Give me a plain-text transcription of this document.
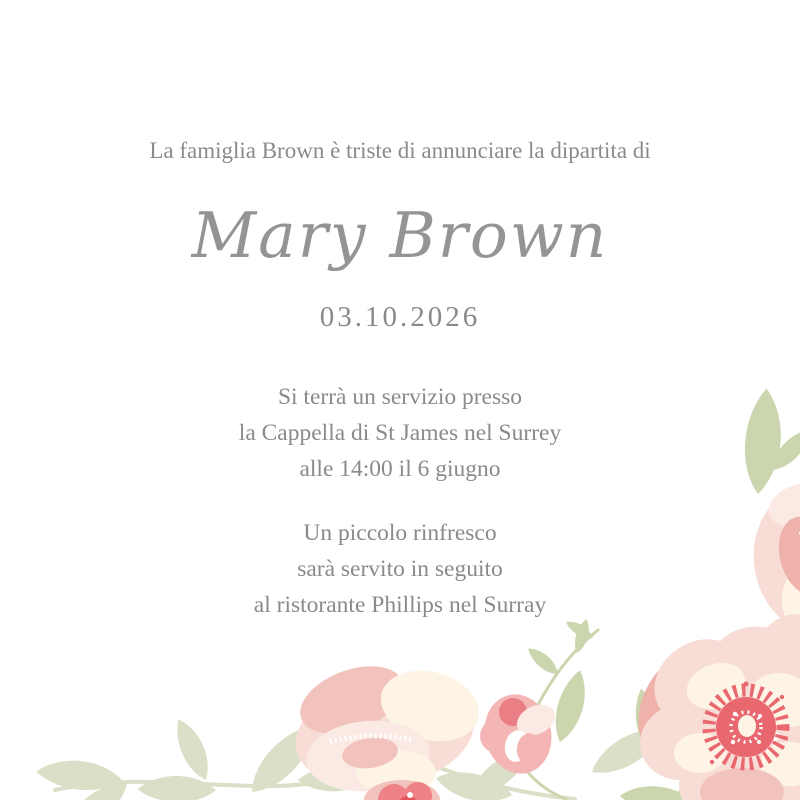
La famiglia Brown è triste di annunciare la dipartita di
Mary Brown
03.10.2026
Si terrà un servizio presso
la Cappella di St James nel Surrey
alle 14:00 il 6 giugno
Un piccolo rinfresco
sarà servito in seguito
al ristorante Phillips nel Surray
